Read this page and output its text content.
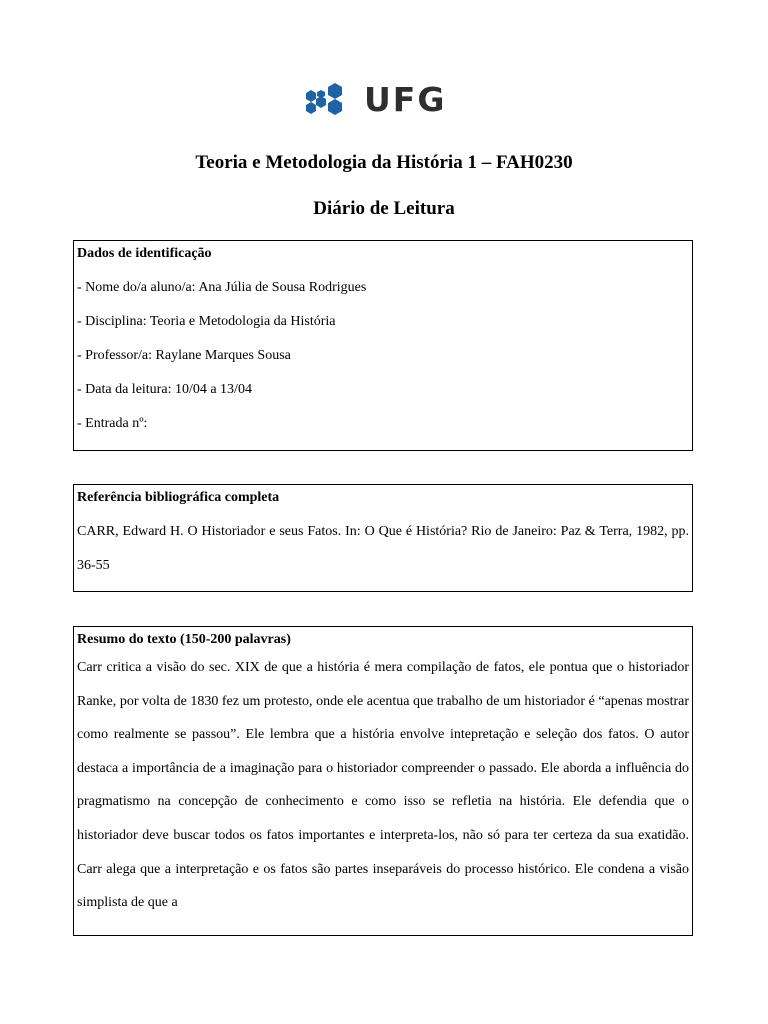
UFG
Teoria e Metodologia da História 1 – FAH0230
Diário de Leitura

Dados de identificação

- Nome do/a aluno/a: Ana Júlia de Sousa Rodrigues

- Disciplina: Teoria e Metodologia da História

- Professor/a: Raylane Marques Sousa

- Data da leitura: 10/04 a 13/04

- Entrada nº:

Referência bibliográfica completa

CARR, Edward H. O Historiador e seus Fatos. In: O Que é História? Rio de Janeiro: Paz & Terra, 1982, pp. 36-55

Resumo do texto (150-200 palavras)

Carr critica a visão do sec. XIX de que a história é mera compilação de fatos, ele pontua que o historiador Ranke, por volta de 1830 fez um protesto, onde ele acentua que trabalho de um historiador é “apenas mostrar como realmente se passou”. Ele lembra que a história envolve intepretação e seleção dos fatos. O autor destaca a importância de a imaginação para o historiador compreender o passado. Ele aborda a influência do pragmatismo na concepção de conhecimento e como isso se refletia na história. Ele defendia que o historiador deve buscar todos os fatos importantes e interpreta-los, não só para ter certeza da sua exatidão. Carr alega que a interpretação e os fatos são partes inseparáveis do processo histórico. Ele condena a visão simplista de que a
